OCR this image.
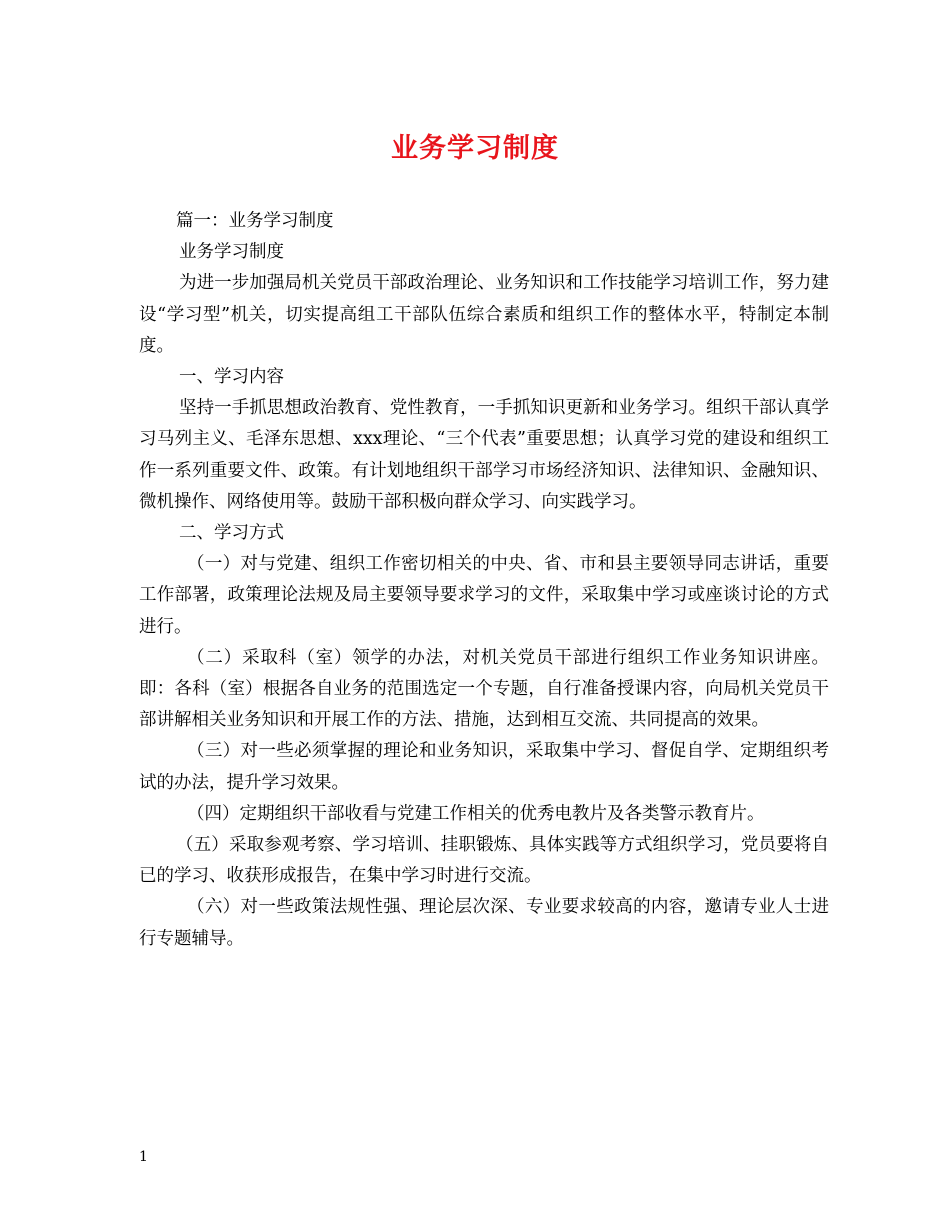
业务学习制度

篇一：业务学习制度

业务学习制度

为进一步加强局机关党员干部政治理论、业务知识和工作技能学习培训工作，努力建设“学习型”机关，切实提高组工干部队伍综合素质和组织工作的整体水平，特制定本制度。

一、学习内容

坚持一手抓思想政治教育、党性教育，一手抓知识更新和业务学习。组织干部认真学习马列主义、毛泽东思想、xxx理论、“三个代表”重要思想；认真学习党的建设和组织工作一系列重要文件、政策。有计划地组织干部学习市场经济知识、法律知识、金融知识、微机操作、网络使用等。鼓励干部积极向群众学习、向实践学习。

二、学习方式

（一）对与党建、组织工作密切相关的中央、省、市和县主要领导同志讲话，重要工作部署，政策理论法规及局主要领导要求学习的文件，采取集中学习或座谈讨论的方式进行。

（二）采取科（室）领学的办法，对机关党员干部进行组织工作业务知识讲座。即：各科（室）根据各自业务的范围选定一个专题，自行准备授课内容，向局机关党员干部讲解相关业务知识和开展工作的方法、措施，达到相互交流、共同提高的效果。

（三）对一些必须掌握的理论和业务知识，采取集中学习、督促自学、定期组织考试的办法，提升学习效果。

（四）定期组织干部收看与党建工作相关的优秀电教片及各类警示教育片。

（五）采取参观考察、学习培训、挂职锻炼、具体实践等方式组织学习，党员要将自已的学习、收获形成报告，在集中学习时进行交流。

（六）对一些政策法规性强、理论层次深、专业要求较高的内容，邀请专业人士进行专题辅导。

1
